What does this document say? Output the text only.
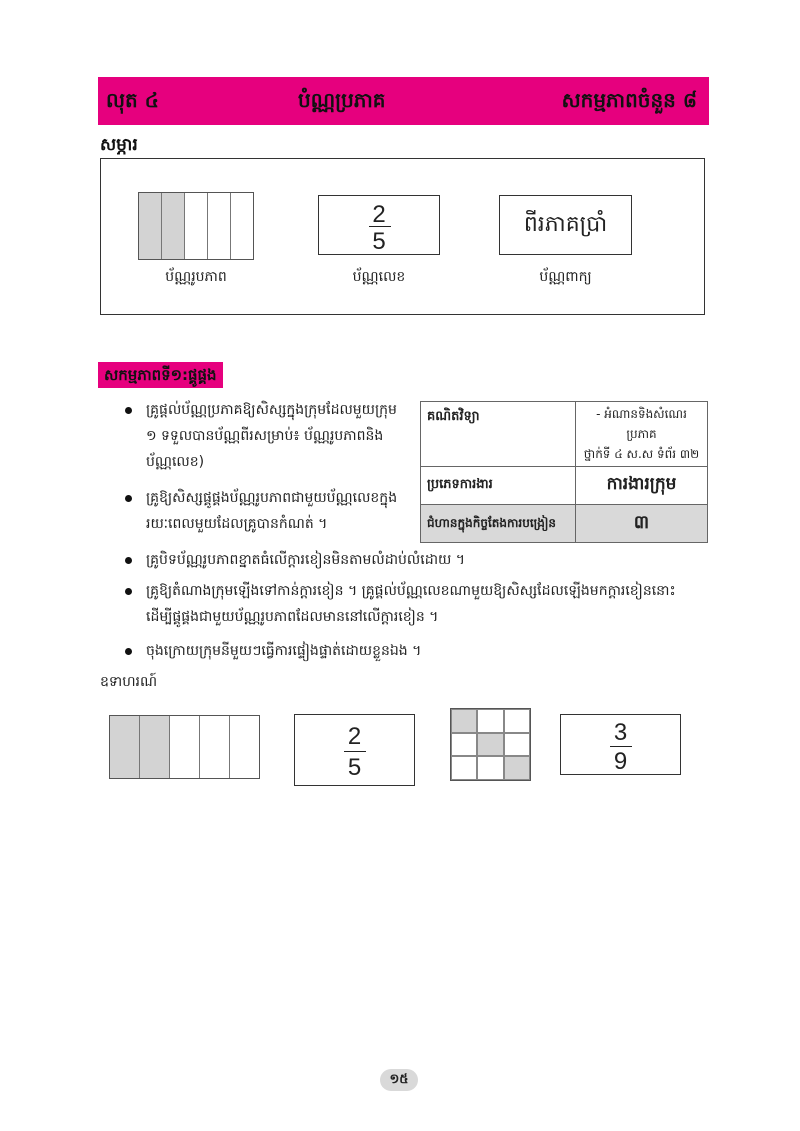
លុត ៤	បំណ្ណប្រភាគ	សកម្មភាពចំនួន ៨
សម្ភារ
ប័ណ្ណរូបភាព
2
5
ប័ណ្ណលេខ
ពីរភាគប្រាំ
ប័ណ្ណពាក្យ
សកម្មភាពទី១:ផ្គូផ្គង
គណិតវិទ្យា	- អំណានទិងសំណេរប្រភាគ
ថ្នាក់ទី ៤ ស.ស ទំព័រ ៣២

ប្រភេទការងារ	ការងារក្រុម
ជំហានក្នុងកិច្ចតែងការបង្រៀន	៣
គ្រូផ្ដល់ប័ណ្ណប្រភាគឱ្យសិស្សក្នុងក្រុមដែលមួយក្រុម
១ ទទួលបានប័ណ្ណពីរសម្រាប់៖ ប័ណ្ណរូបភាពនិង
ប័ណ្ណលេខ)
គ្រូឱ្យសិស្សផ្គូផ្គងប័ណ្ណរូបភាពជាមួយប័ណ្ណលេខក្នុង
រយៈពេលមួយដែលគ្រូបានកំណត់ ។
គ្រូបិទប័ណ្ណរូបភាពខ្នាតធំលើក្ដារខៀនមិនតាមលំដាប់លំដោយ ។
គ្រូឱ្យតំណាងក្រុមឡើងទៅកាន់ក្ដារខៀន ។ គ្រូផ្ដល់ប័ណ្ណលេខណាមួយឱ្យសិស្សដែលឡើងមកក្ដារខៀននោះ
ដើម្បីផ្គូផ្គងជាមួយប័ណ្ណរូបភាពដែលមាននៅលើក្ដារខៀន ។
ចុងក្រោយក្រុមនីមួយៗធ្វើការផ្ទៀងផ្ទាត់ដោយខ្លួនឯង ។
ឧទាហរណ៍
2
5
3
9
១៥
